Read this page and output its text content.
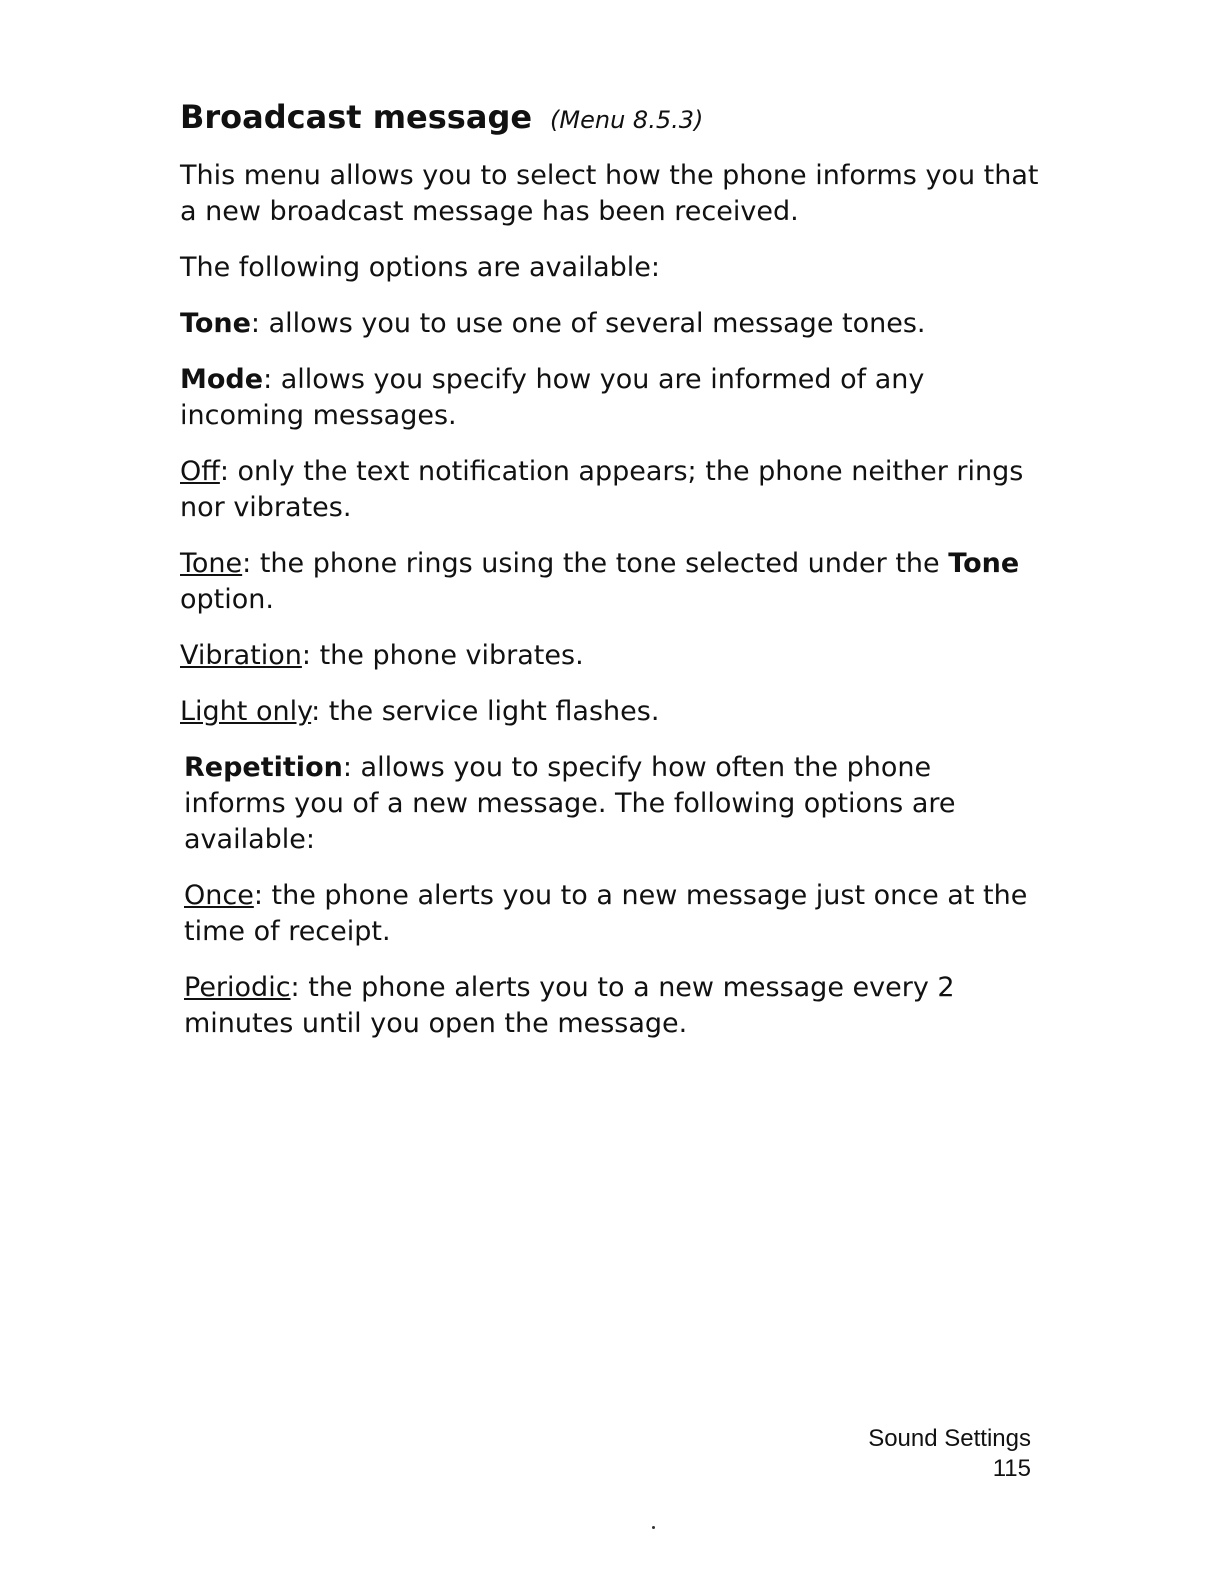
Broadcast message (Menu 8.5.3)

This menu allows you to select how the phone informs you that a new broadcast message has been received.

The following options are available:

Tone: allows you to use one of several message tones.

Mode: allows you specify how you are informed of any incoming messages.

Off: only the text notification appears; the phone neither rings nor vibrates.

Tone: the phone rings using the tone selected under the Tone option.

Vibration: the phone vibrates.

Light only: the service light flashes.

Repetition: allows you to specify how often the phone informs you of a new message. The following options are available:

Once: the phone alerts you to a new message just once at the time of receipt.

Periodic: the phone alerts you to a new message every 2 minutes until you open the message.

Sound Settings
115
